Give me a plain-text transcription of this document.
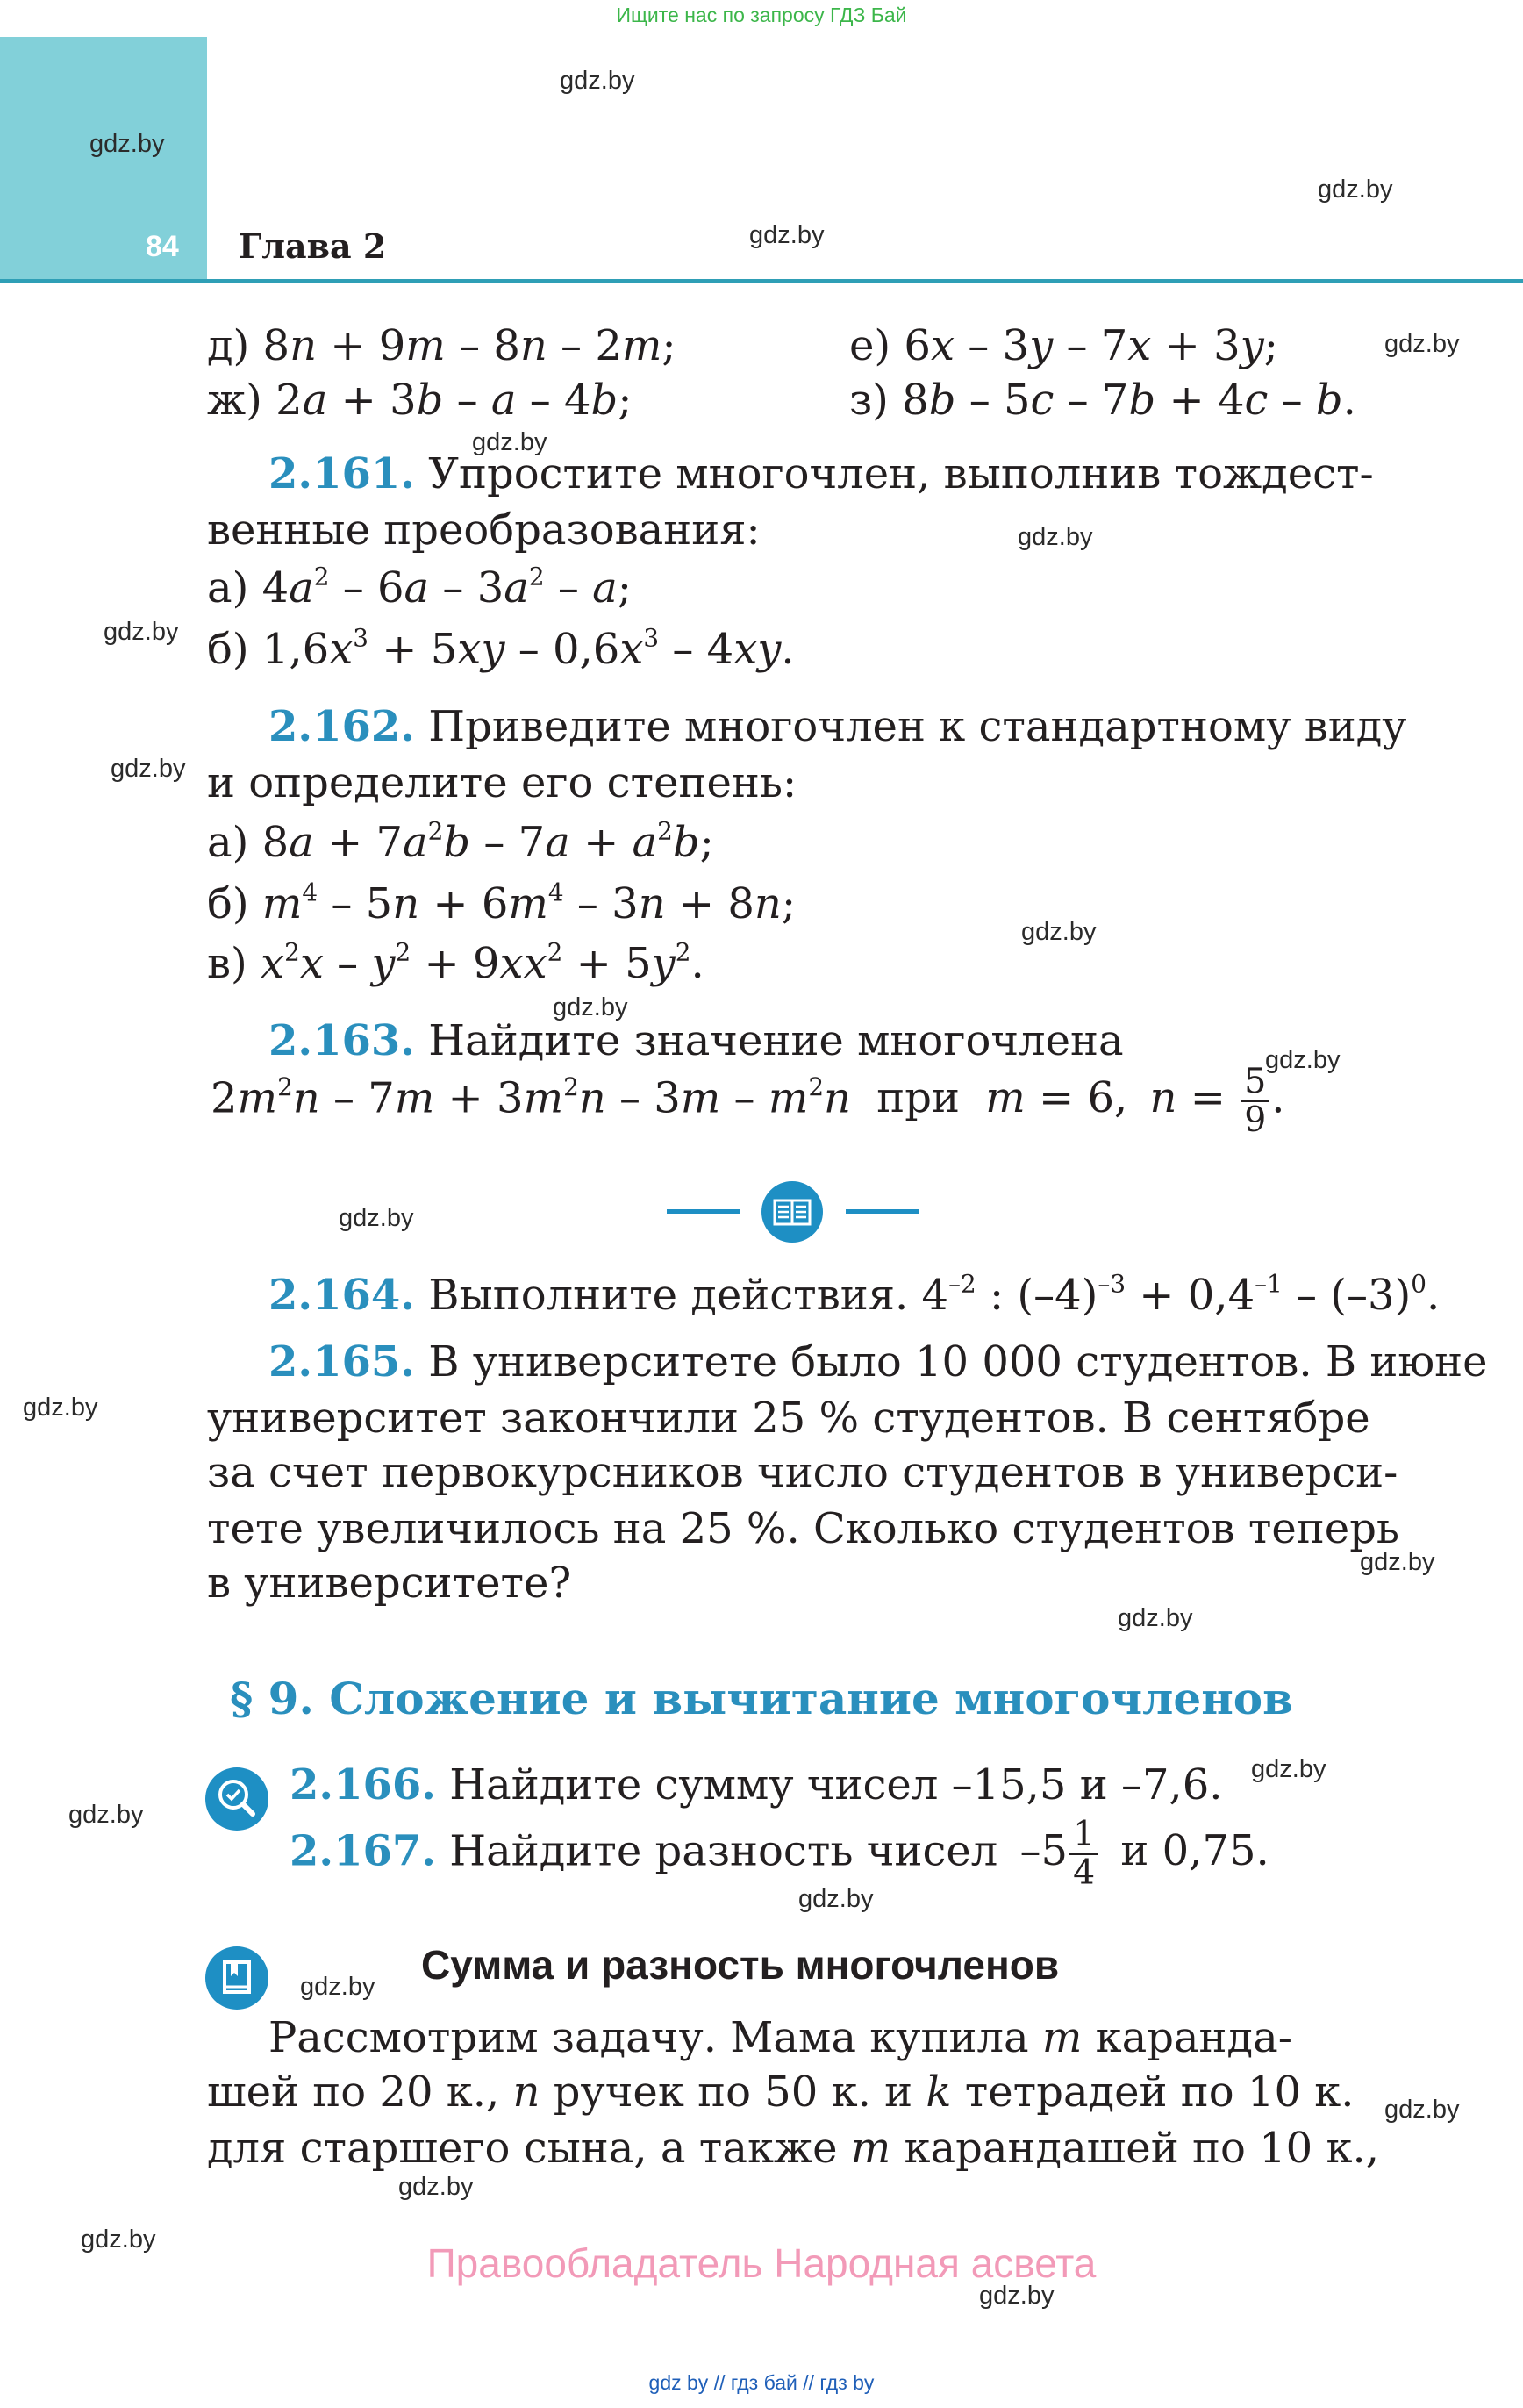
Ищите нас по запросу ГДЗ Бай
84 Глава 2
gdz.by
gdz.by
gdz.by
gdz.by
gdz.by
gdz.by
gdz.by
gdz.by
gdz.by
gdz.by
gdz.by
gdz.by
gdz.by
gdz.by
gdz.by
gdz.by
gdz.by
gdz.by
gdz.by
gdz.by
gdz.by
gdz.by
gdz.by
gdz.by
д) 8n + 9m – 8n – 2m;	е) 6x – 3y – 7x + 3y;
ж) 2a + 3b – a – 4b;	з) 8b – 5c – 7b + 4c – b.
2.161. Упростите многочлен, выполнив тождест-
венные преобразования:
а) $4a^2 - 6a - 3a^2$ – a;
б) $1,6x^3 + 5xy - 0,6x^3 - 4xy$.
2.162. Приведите многочлен к стандартному виду
и определите его степень:
а) $8a + 7a^2b - 7a + a^2b$;
б) $m^4 - 5n + 6m^4 - 3n + 8n$;
в) $x^2x - y^2 + 9xx^2 + 5y^2$.
2.163. Найдите значение многочлена
$2m^2n - 7m + 3m^2n - 3m - m^2n$ при m = 6, $n = \frac{5}{9}$ .
2.164. Выполните действия. $4^{-2}$ : $(-4)^{-3} + 0,4^{-1} - (-3)^0$.
2.165. В университете было 10 000 студентов. В июне
университет закончили 25 % студентов. В сентябре
за счет первокурсников число студентов в универси-
тете увеличилось на 25 %. Сколько студентов теперь
в университете?
§ 9. Сложение и вычитание многочленов
2.166. Найдите сумму чисел –15,5 и –7,6.
2.167. Найдите разность чисел $-5 \frac{1}{4}$ и 0,75.
Сумма и разность многочленов
Рассмотрим задачу. Мама купила m каранда-
шей по 20 к., n ручек по 50 к. и k тетрадей по 10 к.
для старшего сына, а также m карандашей по 10 к.,
Правообладатель Народная асвета
gdz by // гдз бай // гдз by
